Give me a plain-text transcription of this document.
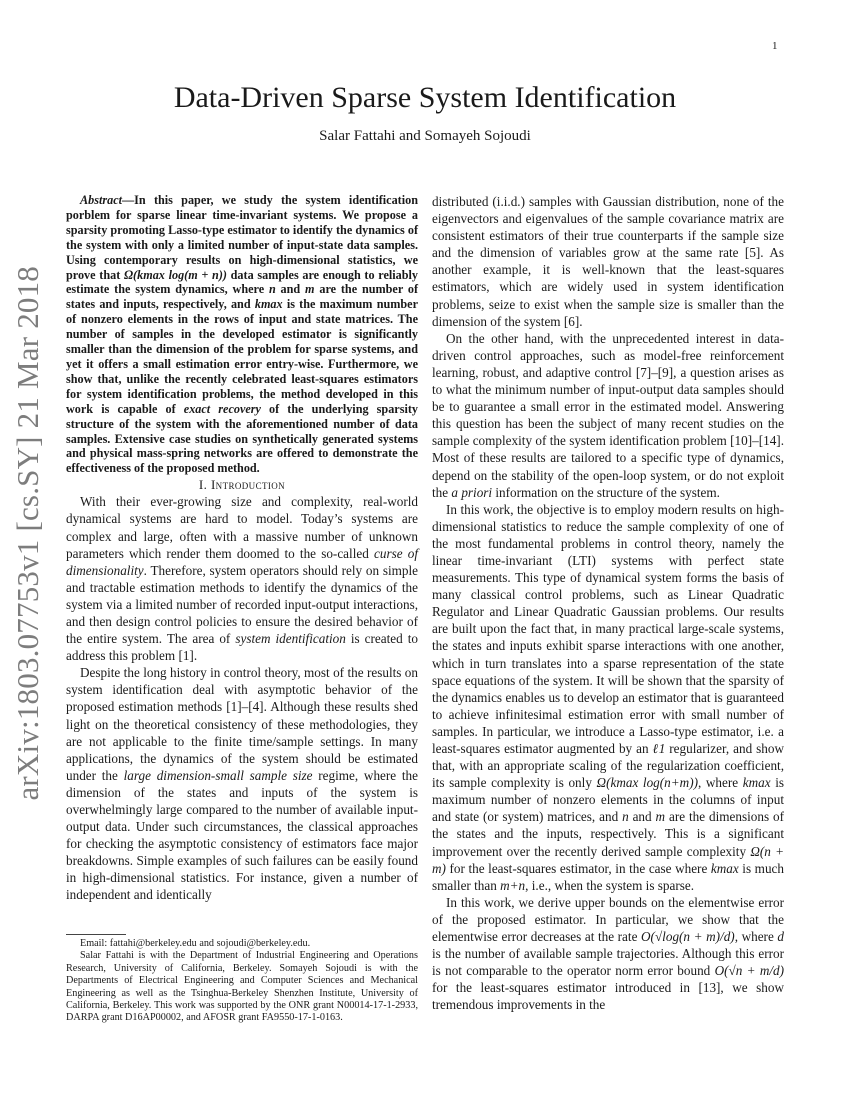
1
Data-Driven Sparse System Identification
Salar Fattahi and Somayeh Sojoudi
arXiv:1803.07753v1 [cs.SY] 21 Mar 2018

Abstract—In this paper, we study the system identification porblem for sparse linear time-invariant systems. We propose a sparsity promoting Lasso-type estimator to identify the dynamics of the system with only a limited number of input-state data samples. Using contemporary results on high-dimensional statistics, we prove that Ω(kmax log(m + n)) data samples are enough to reliably estimate the system dynamics, where n and m are the number of states and inputs, respectively, and kmax is the maximum number of nonzero elements in the rows of input and state matrices. The number of samples in the developed estimator is significantly smaller than the dimension of the problem for sparse systems, and yet it offers a small estimation error entry-wise. Furthermore, we show that, unlike the recently celebrated least-squares estimators for system identification problems, the method developed in this work is capable of exact recovery of the underlying sparsity structure of the system with the aforementioned number of data samples. Extensive case studies on synthetically generated systems and physical mass-spring networks are offered to demonstrate the effectiveness of the proposed method.

I. Introduction

With their ever-growing size and complexity, real-world dynamical systems are hard to model. Today’s systems are complex and large, often with a massive number of unknown parameters which render them doomed to the so-called curse of dimensionality. Therefore, system operators should rely on simple and tractable estimation methods to identify the dynamics of the system via a limited number of recorded input-output interactions, and then design control policies to ensure the desired behavior of the entire system. The area of system identification is created to address this problem [1].

Despite the long history in control theory, most of the results on system identification deal with asymptotic behavior of the proposed estimation methods [1]–[4]. Although these results shed light on the theoretical consistency of these methodologies, they are not applicable to the finite time/sample settings. In many applications, the dynamics of the system should be estimated under the large dimension-small sample size regime, where the dimension of the states and inputs of the system is overwhelmingly large compared to the number of available input-output data. Under such circumstances, the classical approaches for checking the asymptotic consistency of estimators face major breakdowns. Simple examples of such failures can be easily found in high-dimensional statistics. For instance, given a number of independent and identically

Email: fattahi@berkeley.edu and sojoudi@berkeley.edu.

Salar Fattahi is with the Department of Industrial Engineering and Operations Research, University of California, Berkeley. Somayeh Sojoudi is with the Departments of Electrical Engineering and Computer Sciences and Mechanical Engineering as well as the Tsinghua-Berkeley Shenzhen Institute, University of California, Berkeley. This work was supported by the ONR grant N00014-17-1-2933, DARPA grant D16AP00002, and AFOSR grant FA9550-17-1-0163.

distributed (i.i.d.) samples with Gaussian distribution, none of the eigenvectors and eigenvalues of the sample covariance matrix are consistent estimators of their true counterparts if the sample size and the dimension of variables grow at the same rate [5]. As another example, it is well-known that the least-squares estimators, which are widely used in system identification problems, seize to exist when the sample size is smaller than the dimension of the system [6].

On the other hand, with the unprecedented interest in data-driven control approaches, such as model-free reinforcement learning, robust, and adaptive control [7]–[9], a question arises as to what the minimum number of input-output data samples should be to guarantee a small error in the estimated model. Answering this question has been the subject of many recent studies on the sample complexity of the system identification problem [10]–[14]. Most of these results are tailored to a specific type of dynamics, depend on the stability of the open-loop system, or do not exploit the a priori information on the structure of the system.

In this work, the objective is to employ modern results on high-dimensional statistics to reduce the sample complexity of one of the most fundamental problems in control theory, namely the linear time-invariant (LTI) systems with perfect state measurements. This type of dynamical system forms the basis of many classical control problems, such as Linear Quadratic Regulator and Linear Quadratic Gaussian problems. Our results are built upon the fact that, in many practical large-scale systems, the states and inputs exhibit sparse interactions with one another, which in turn translates into a sparse representation of the state space equations of the system. It will be shown that the sparsity of the dynamics enables us to develop an estimator that is guaranteed to achieve infinitesimal estimation error with small number of samples. In particular, we introduce a Lasso-type estimator, i.e. a least-squares estimator augmented by an ℓ1 regularizer, and show that, with an appropriate scaling of the regularization coefficient, its sample complexity is only Ω(kmax log(n+m)), where kmax is maximum number of nonzero elements in the columns of input and state (or system) matrices, and n and m are the dimensions of the states and the inputs, respectively. This is a significant improvement over the recently derived sample complexity Ω(n + m) for the least-squares estimator, in the case where kmax is much smaller than m+n, i.e., when the system is sparse.

In this work, we derive upper bounds on the elementwise error of the proposed estimator. In particular, we show that the elementwise error decreases at the rate O(√log(n + m)/d), where d is the number of available sample trajectories. Although this error is not comparable to the operator norm error bound O(√n + m/d) for the least-squares estimator introduced in [13], we show tremendous improvements in the
